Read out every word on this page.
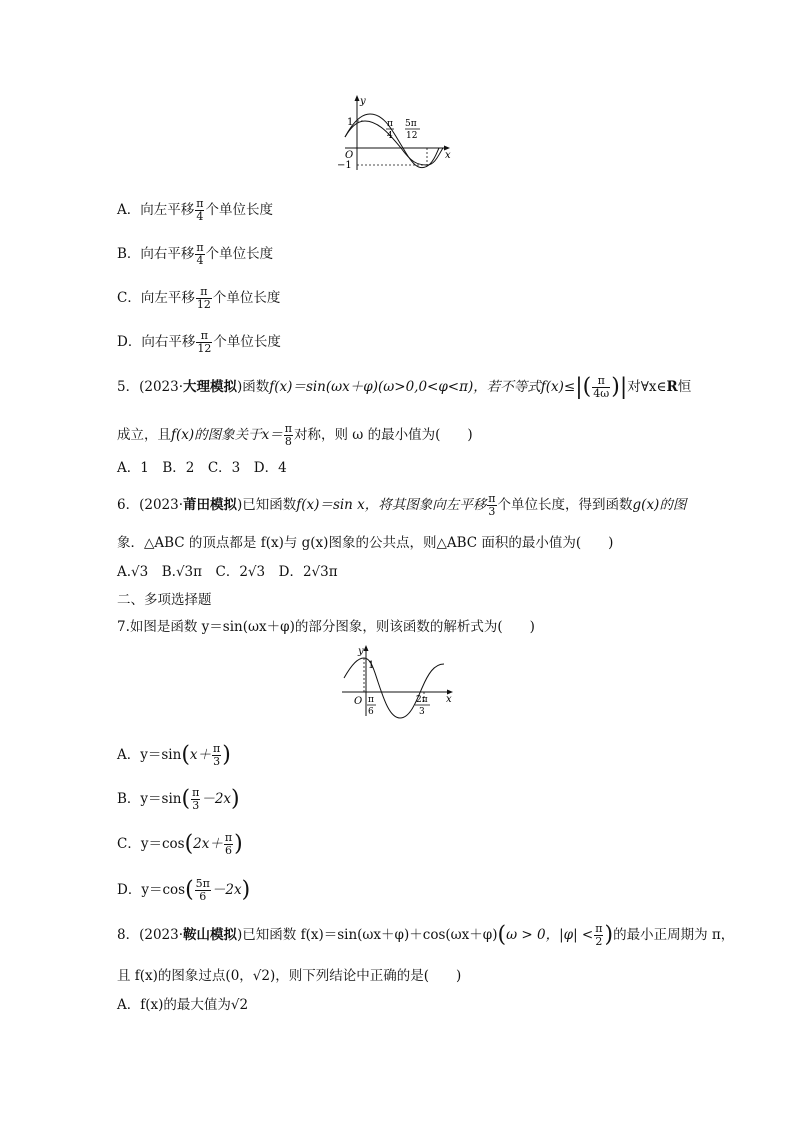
y
x
O
1
−1
π
4
5π
12
A．向左平移 $\frac{\pi}{4}$ 个单位长度
B．向右平移 $\frac{\pi}{4}$ 个单位长度
C．向左平移 $\frac{\pi}{12}$ 个单位长度
D．向右平移 $\frac{\pi}{12}$ 个单位长度
5．(2023·大理模拟)函数f(x)＝sin(ωx＋φ)(ω>0,0<φ<π)，若不等式$f(x)\le|( \frac{\pi}{4\omega}$ )|对∀x∈R恒
成立，且f(x)的图象关于$x= \frac{\pi}{8}$ 对称，则 ω 的最小值为(　　)
A．1　B．2　C．3　D．4
6．(2023·莆田模拟)已知函数f(x)＝sin x，将其图象向左平移 $\frac{\pi}{3}$ 个单位长度，得到函数g(x)的图
象．△ABC 的顶点都是 f(x)与 g(x)图象的公共点，则△ABC 面积的最小值为(　　)
A.√3　B.√3π　C．2√3　D．2√3π
二、多项选择题
7.如图是函数 y＝sin(ωx＋φ)的部分图象，则该函数的解析式为(　　)
y
x
O
1
π
6
2π
3
A．$y=\sin(x+ \frac{\pi}{3}$ )
B．$y=\sin( \frac{\pi}{3} -2x)$
C．$y=\cos(2x+ \frac{\pi}{6}$ )
D．$y=\cos( \frac{5\pi}{6} -2x)$
8．(2023·鞍山模拟)已知函数 f(x)＝sin(ωx＋φ)＋cos(ωx＋φ)(ω > 0，$|\varphi| < \frac{\pi}{2}$ )的最小正周期为 π，
且 f(x)的图象过点(0，√2)，则下列结论中正确的是(　　)
A．f(x)的最大值为√2
